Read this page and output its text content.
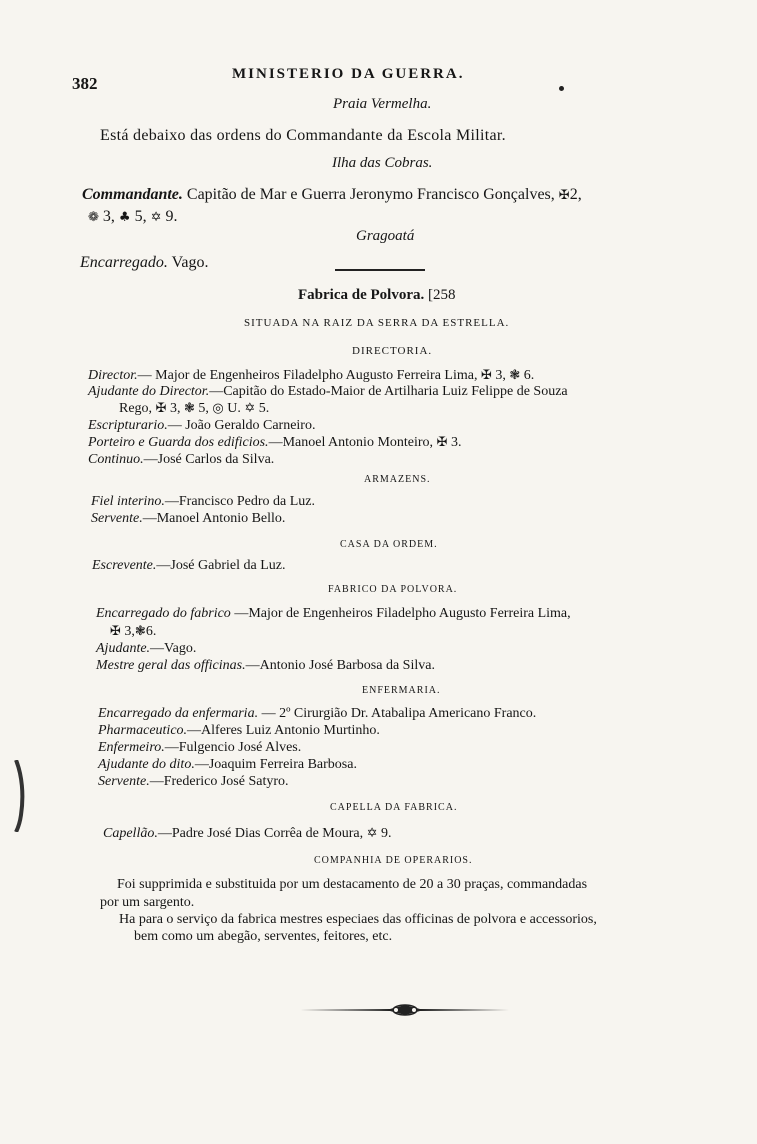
382	MINISTERIO DA GUERRA.
Praia Vermelha.
Está debaixo das ordens do Commandante da Escola Militar.
Ilha das Cobras.
Commandante. Capitão de Mar e Guerra Jeronymo Francisco Gonçalves, ✠2,
❁ 3, ♣ 5, ✡ 9.
Gragoatá
Encarregado. Vago.
Fabrica de Polvora. [258
SITUADA NA RAIZ DA SERRA DA ESTRELLA.
DIRECTORIA.
Director.— Major de Engenheiros Filadelpho Augusto Ferreira Lima, ✠ 3, ❃ 6.
Ajudante do Director.—Capitão do Estado-Maior de Artilharia Luiz Felippe de Souza
Rego, ✠ 3, ❃ 5, ◎ U. ✡ 5.
Escripturario.— João Geraldo Carneiro.
Porteiro e Guarda dos edificios.—Manoel Antonio Monteiro, ✠ 3.
Continuo.—José Carlos da Silva.
ARMAZENS.
Fiel interino.—Francisco Pedro da Luz.
Servente.—Manoel Antonio Bello.
CASA DA ORDEM.
Escrevente.—José Gabriel da Luz.
FABRICO DA POLVORA.
Encarregado do fabrico —Major de Engenheiros Filadelpho Augusto Ferreira Lima,
✠ 3,❃6.
Ajudante.—Vago.
Mestre geral das officinas.—Antonio José Barbosa da Silva.
ENFERMARIA.
Encarregado da enfermaria. — 2º Cirurgião Dr. Atabalipa Americano Franco.
Pharmaceutico.—Alferes Luiz Antonio Murtinho.
Enfermeiro.—Fulgencio José Alves.
Ajudante do dito.—Joaquim Ferreira Barbosa.
Servente.—Frederico José Satyro.
CAPELLA DA FABRICA.
Capellão.—Padre José Dias Corrêa de Moura, ✡ 9.
COMPANHIA DE OPERARIOS.
Foi supprimida e substituida por um destacamento de 20 a 30 praças, commandadas
por um sargento.
Ha para o serviço da fabrica mestres especiaes das officinas de polvora e accessorios,
bem como um abegão, serventes, feitores, etc.
